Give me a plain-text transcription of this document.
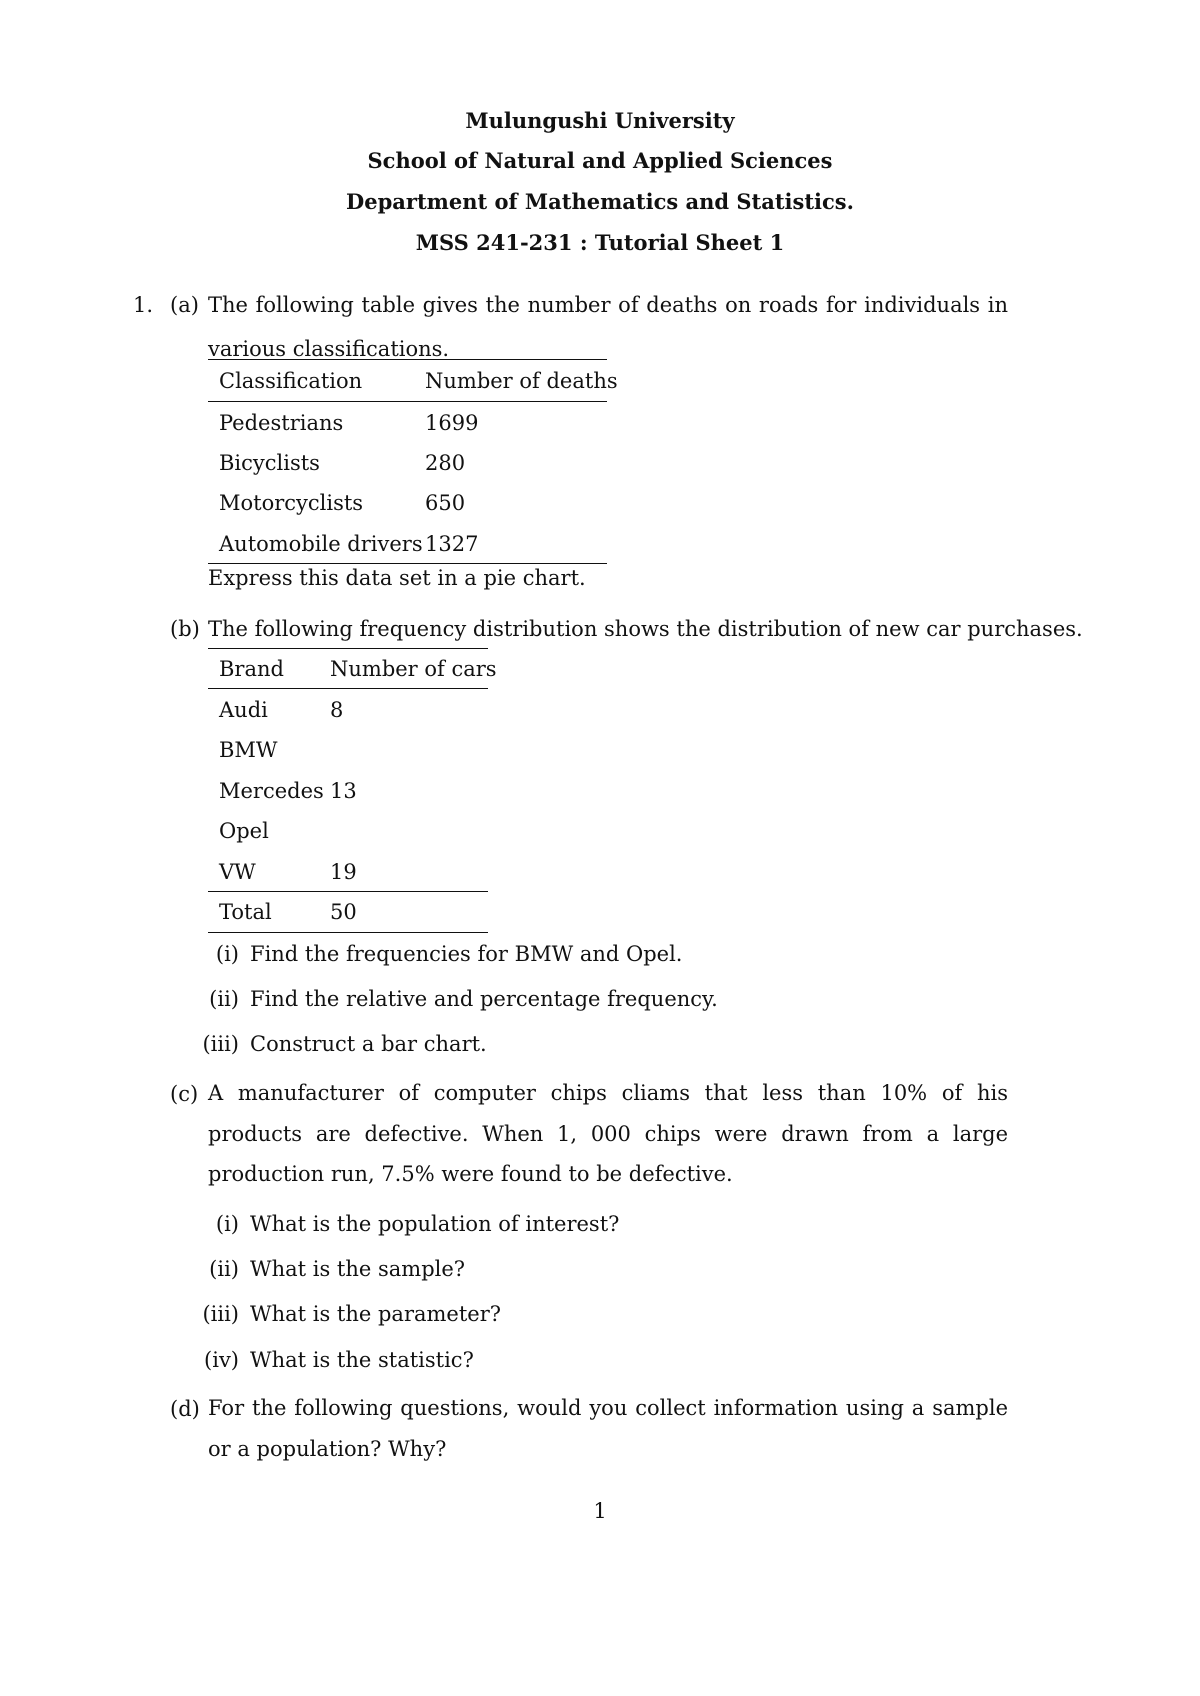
Mulungushi University
School of Natural and Applied Sciences
Department of Mathematics and Statistics.
MSS 241-231 : Tutorial Sheet 1
1. (a) The following table gives the number of deaths on roads for individuals in various classifications.
Classification	Number of deaths
Pedestrians	1699
Bicyclists	280
Motorcyclists	650
Automobile drivers 1327
Express this data set in a pie chart.
(b) The following frequency distribution shows the distribution of new car purchases.
Brand Number of cars
Audi	8
BMW
Mercedes 13
Opel
VW	19
Total	50
(i) Find the frequencies for BMW and Opel.
(ii) Find the relative and percentage frequency.
(iii) Construct a bar chart.
(c) A manufacturer of computer chips cliams that less than 10% of his products are defective. When 1, 000 chips were drawn from a large production run, 7.5% were found to be defective.
(i) What is the population of interest?
(ii) What is the sample?
(iii) What is the parameter?
(iv) What is the statistic?
(d) For the following questions, would you collect information using a sample or a population? Why?
1
